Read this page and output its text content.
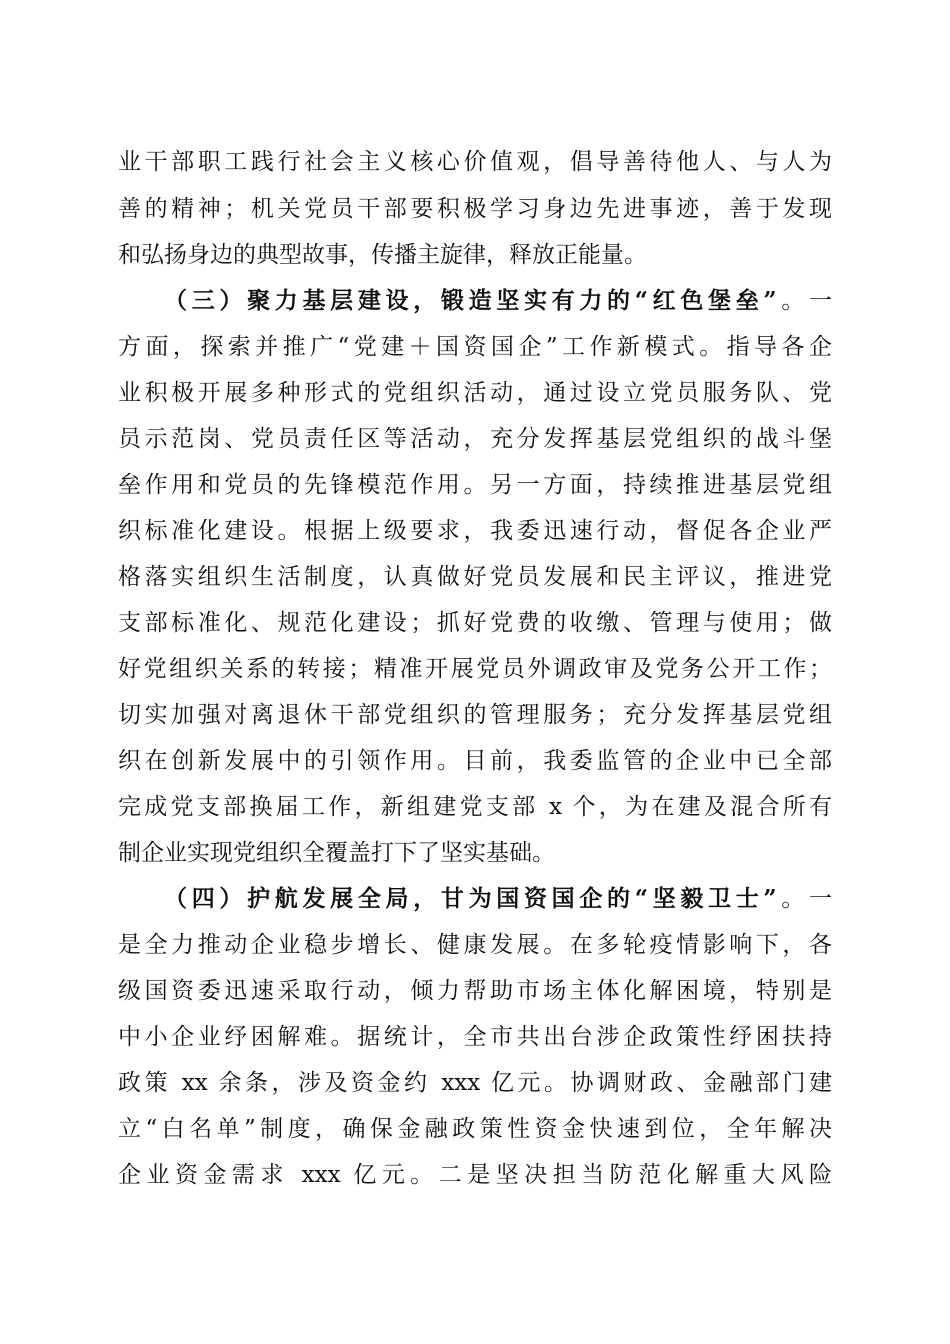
业干部职工践行社会主义核心价值观，倡导善待他人、与人为
善的精神；机关党员干部要积极学习身边先进事迹，善于发现
和弘扬身边的典型故事，传播主旋律，释放正能量。
（三）聚力基层建设，锻造坚实有力的“红色堡垒”。一
方面，探索并推广“党建＋国资国企”工作新模式。指导各企
业积极开展多种形式的党组织活动，通过设立党员服务队、党
员示范岗、党员责任区等活动，充分发挥基层党组织的战斗堡
垒作用和党员的先锋模范作用。另一方面，持续推进基层党组
织标准化建设。根据上级要求，我委迅速行动，督促各企业严
格落实组织生活制度，认真做好党员发展和民主评议，推进党
支部标准化、规范化建设；抓好党费的收缴、管理与使用；做
好党组织关系的转接；精准开展党员外调政审及党务公开工作；
切实加强对离退休干部党组织的管理服务；充分发挥基层党组
织在创新发展中的引领作用。目前，我委监管的企业中已全部
完成党支部换届工作，新组建党支部 x 个，为在建及混合所有
制企业实现党组织全覆盖打下了坚实基础。
（四）护航发展全局，甘为国资国企的“坚毅卫士”。一
是全力推动企业稳步增长、健康发展。在多轮疫情影响下，各
级国资委迅速采取行动，倾力帮助市场主体化解困境，特别是
中小企业纾困解难。据统计，全市共出台涉企政策性纾困扶持
政策 xx 余条，涉及资金约 xxx 亿元。协调财政、金融部门建
立“白名单”制度，确保金融政策性资金快速到位，全年解决
企业资金需求 xxx 亿元。二是坚决担当防范化解重大风险
